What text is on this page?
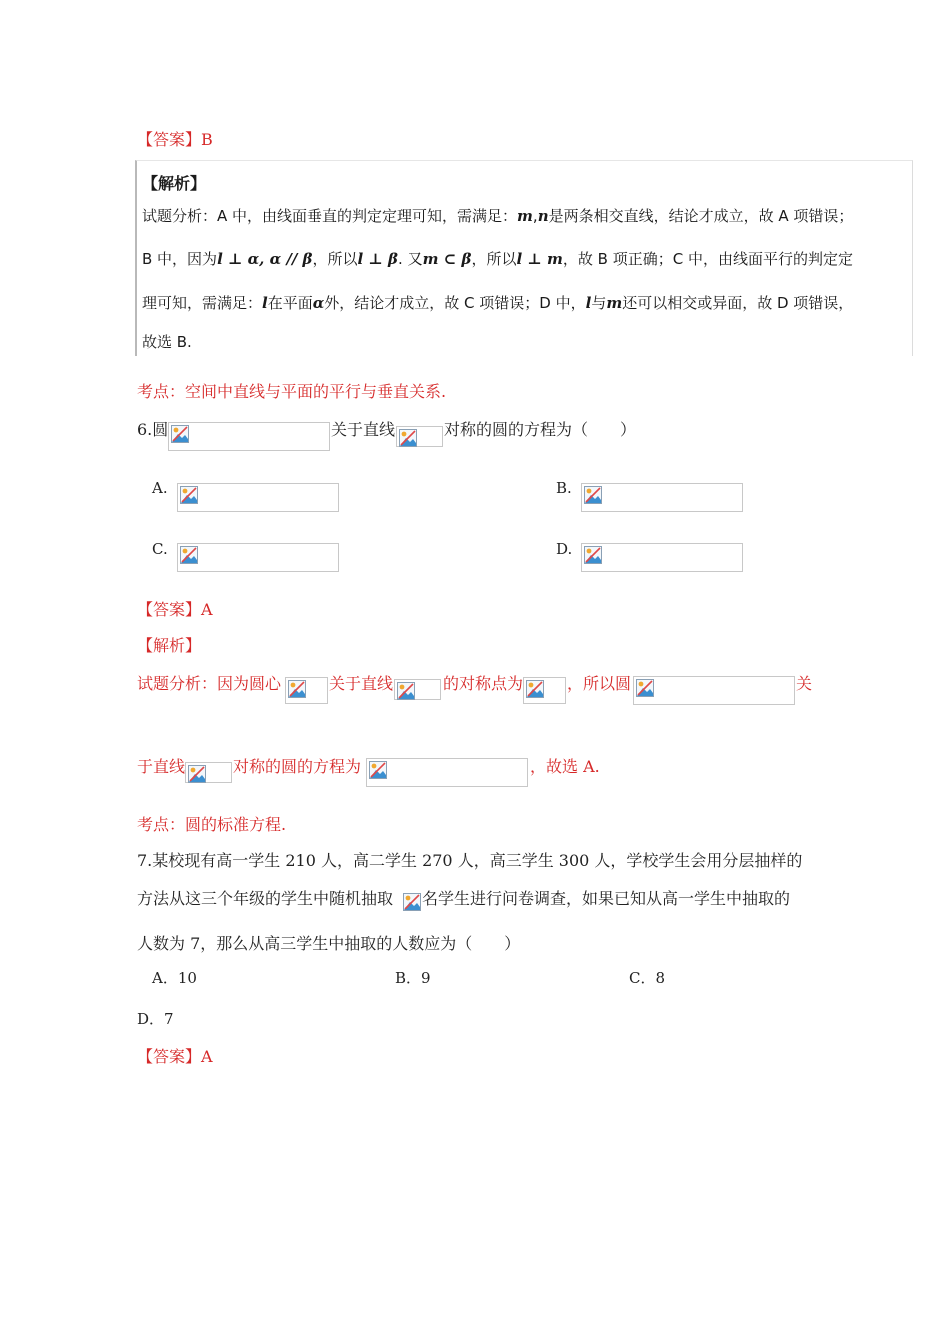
【答案】B
【解析】
试题分析：A 中，由线面垂直的判定定理可知，需满足：m,n是两条相交直线，结论才成立，故 A 项错误；
B 中，因为l ⊥ α, α // β，所以l ⊥ β. 又m ⊂ β，所以l ⊥ m，故 B 项正确；C 中，由线面平行的判定定
理可知，需满足：l在平面α外，结论才成立，故 C 项错误；D 中，l与m还可以相交或异面，故 D 项错误，
故选 B.
考点：空间中直线与平面的平行与垂直关系.
6.圆	关于直线	对称的圆的方程为（　　）
A.	B.
C.	D.
【答案】A
【解析】
试题分析：因为圆心	关于直线	的对称点为	，所以圆	关
于直线	对称的圆的方程为	，故选 A.
考点：圆的标准方程.
7.某校现有高一学生 210 人，高二学生 270 人，高三学生 300 人，学校学生会用分层抽样的
方法从这三个年级的学生中随机抽取 名学生进行问卷调查，如果已知从高一学生中抽取的
人数为 7，那么从高三学生中抽取的人数应为（　　）
A．10	B．9	C．8
D．7
【答案】A
